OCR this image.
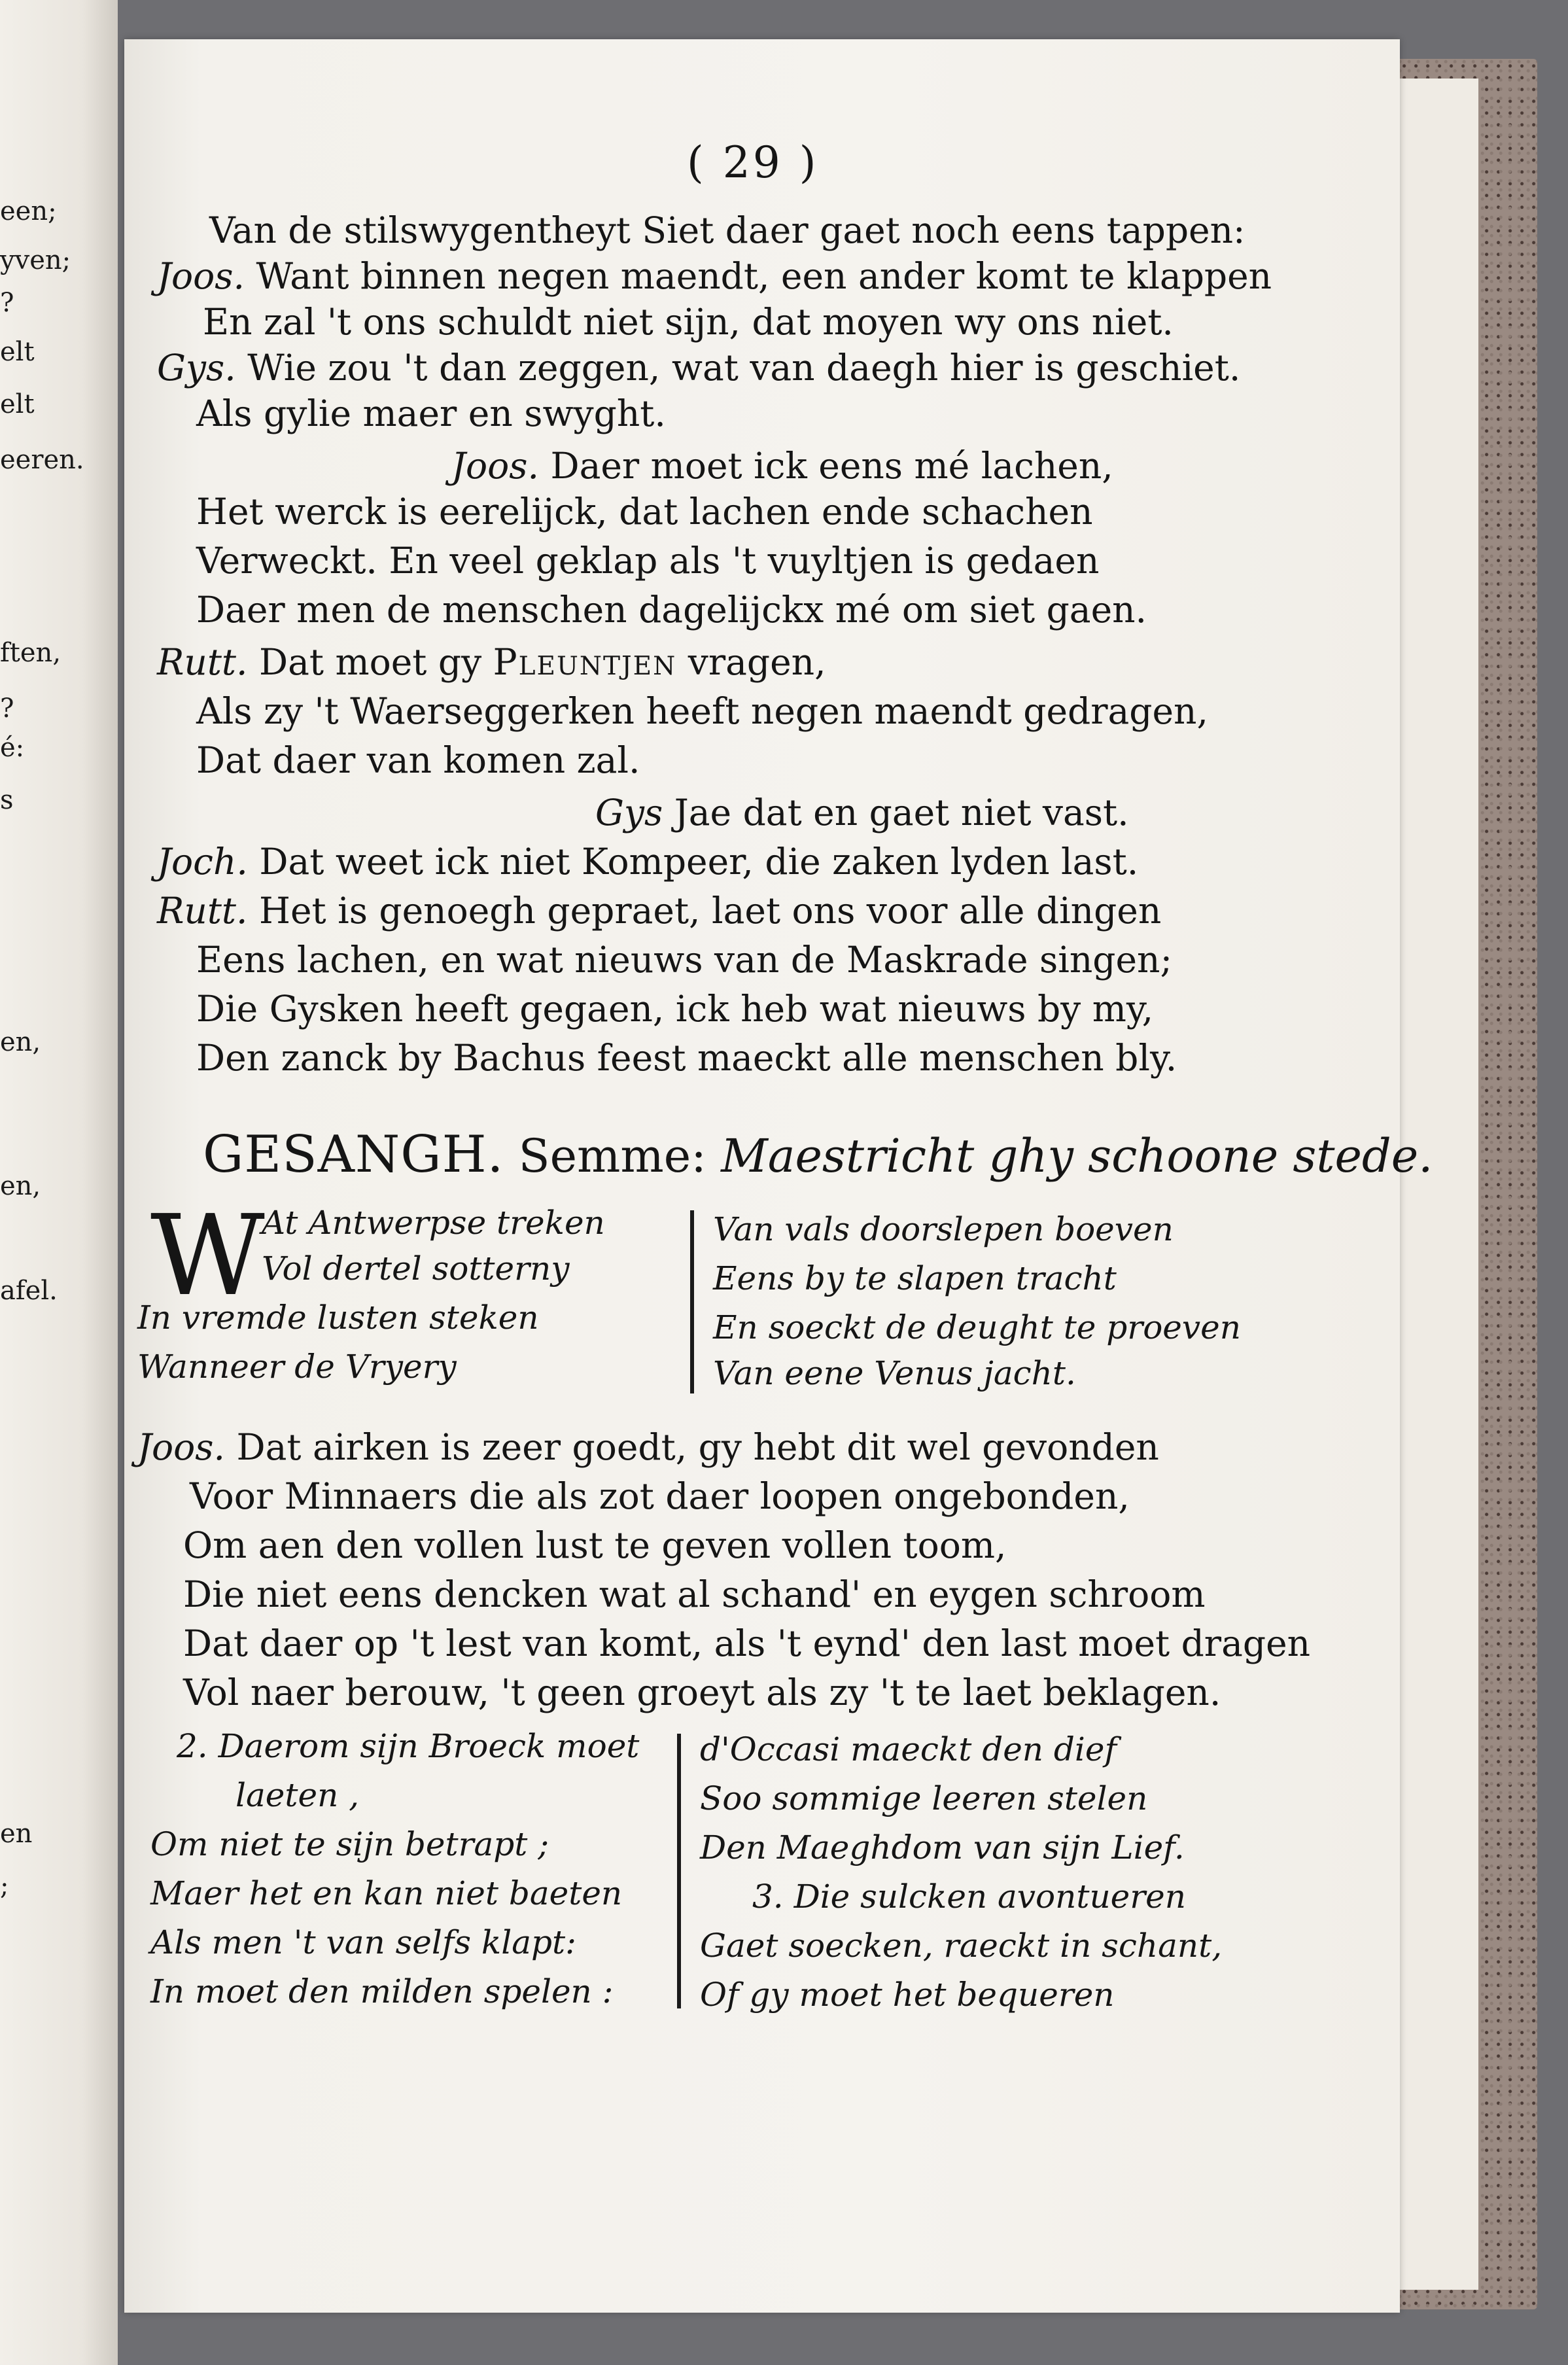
een;
yven;
?
elt
elt
eeren.
ften,
?
é:
s
en,
en,
afel.
en
;
( 29 )
Van de stilswygentheyt Siet daer gaet noch eens tappen:
Joos. Want binnen negen maendt, een ander komt te klappen
En zal 't ons schuldt niet sijn, dat moyen wy ons niet.
Gys. Wie zou 't dan zeggen, wat van daegh hier is geschiet.
Als gylie maer en swyght.
Joos. Daer moet ick eens mé lachen,
Het werck is eerelijck, dat lachen ende schachen
Verweckt. En veel geklap als 't vuyltjen is gedaen
Daer men de menschen dagelijckx mé om siet gaen.
Rutt. Dat moet gy Pleuntjen vragen,
Als zy 't Waerseggerken heeft negen maendt gedragen,
Dat daer van komen zal.
Gys Jae dat en gaet niet vast.
Joch. Dat weet ick niet Kompeer, die zaken lyden last.
Rutt. Het is genoegh gepraet, laet ons voor alle dingen
Eens lachen, en wat nieuws van de Maskrade singen;
Die Gysken heeft gegaen, ick heb wat nieuws by my,
Den zanck by Bachus feest maeckt alle menschen bly.
GESANGH. Semme: Maestricht ghy schoone stede.
W
At Antwerpse treken
Vol dertel sotterny
In vremde lusten steken
Wanneer de Vryery
Van vals doorslepen boeven
Eens by te slapen tracht
En soeckt de deught te proeven
Van eene Venus jacht.
Joos. Dat airken is zeer goedt, gy hebt dit wel gevonden
Voor Minnaers die als zot daer loopen ongebonden,
Om aen den vollen lust te geven vollen toom,
Die niet eens dencken wat al schand' en eygen schroom
Dat daer op 't lest van komt, als 't eynd' den last moet dragen
Vol naer berouw, 't geen groeyt als zy 't te laet beklagen.
2. Daerom sijn Broeck moet
laeten ,
Om niet te sijn betrapt ;
Maer het en kan niet baeten
Als men 't van selfs klapt:
In moet den milden spelen :
d'Occasi maeckt den dief
Soo sommige leeren stelen
Den Maeghdom van sijn Lief.
3. Die sulcken avontueren
Gaet soecken, raeckt in schant,
Of gy moet het bequeren
